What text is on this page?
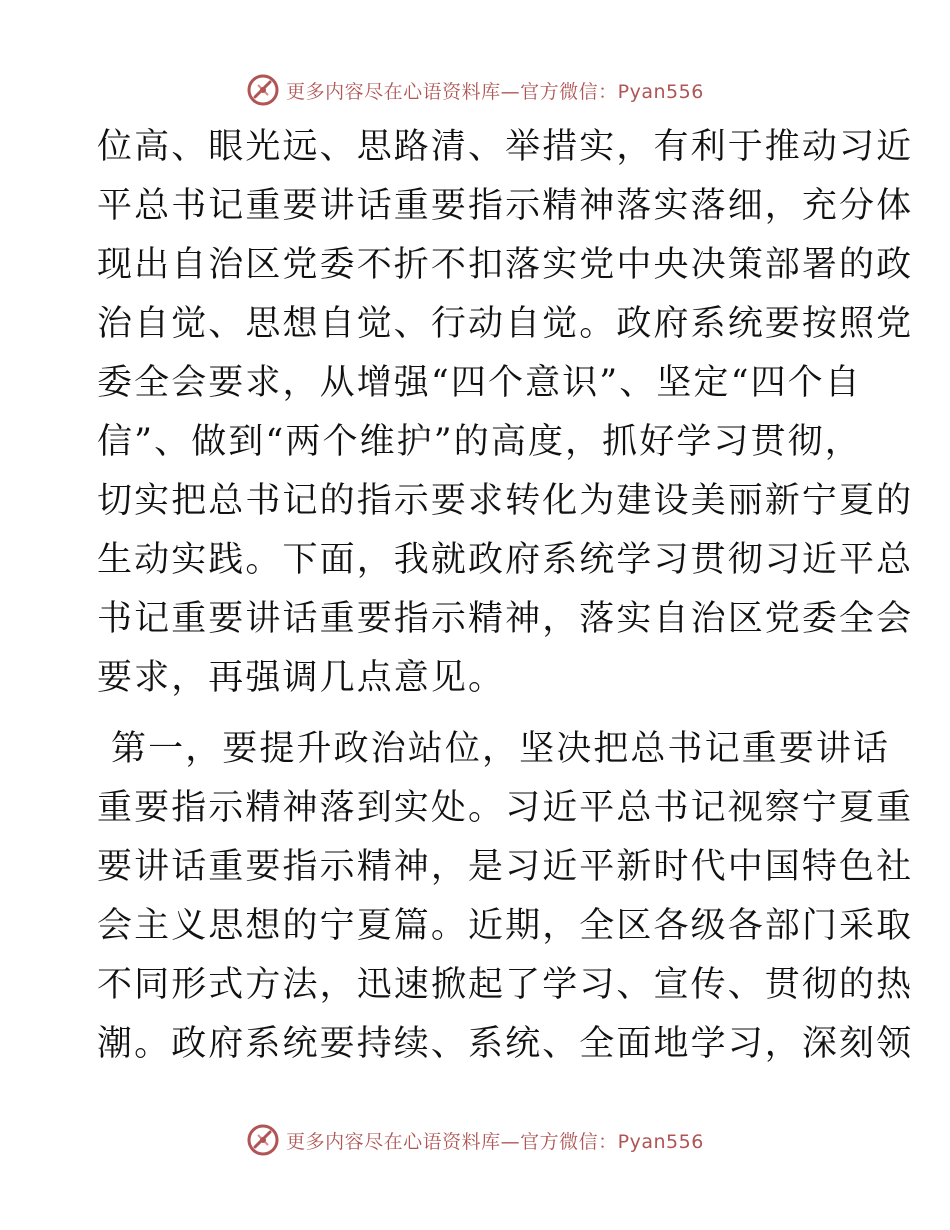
更多内容尽在心语资料库—官方微信：Pyan556
位高、眼光远、思路清、举措实，有利于推动习近
平总书记重要讲话重要指示精神落实落细，充分体
现出自治区党委不折不扣落实党中央决策部署的政
治自觉、思想自觉、行动自觉。政府系统要按照党
委全会要求，从增强“四个意识”、坚定“四个自
信”、做到“两个维护”的高度，抓好学习贯彻，
切实把总书记的指示要求转化为建设美丽新宁夏的
生动实践。下面，我就政府系统学习贯彻习近平总
书记重要讲话重要指示精神，落实自治区党委全会
要求，再强调几点意见。
第一，要提升政治站位，坚决把总书记重要讲话
重要指示精神落到实处。习近平总书记视察宁夏重
要讲话重要指示精神，是习近平新时代中国特色社
会主义思想的宁夏篇。近期，全区各级各部门采取
不同形式方法，迅速掀起了学习、宣传、贯彻的热
潮。政府系统要持续、系统、全面地学习，深刻领
更多内容尽在心语资料库—官方微信：Pyan556
